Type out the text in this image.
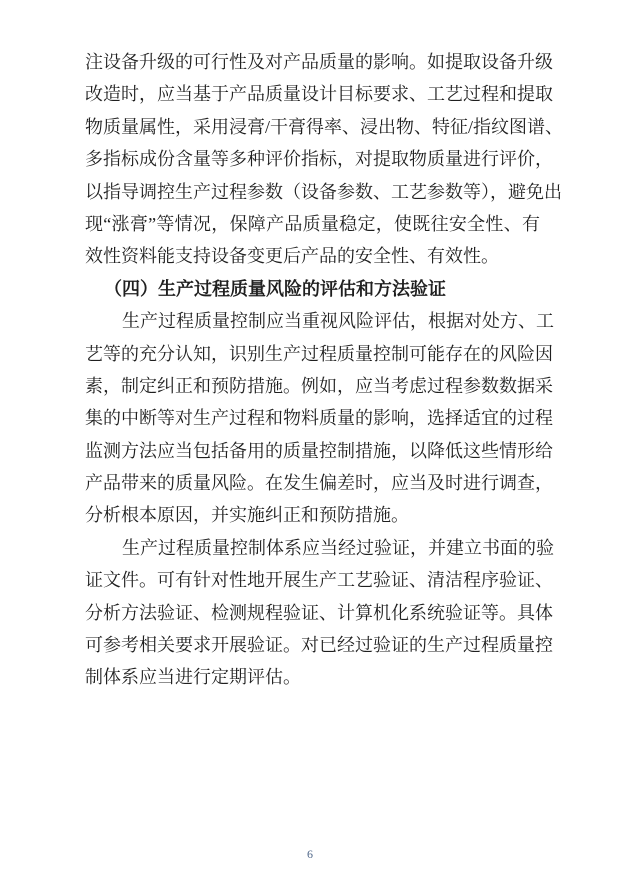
注设备升级的可行性及对产品质量的影响。如提取设备升级
改造时，应当基于产品质量设计目标要求、工艺过程和提取
物质量属性，采用浸膏/干膏得率、浸出物、特征/指纹图谱、
多指标成份含量等多种评价指标，对提取物质量进行评价，
以指导调控生产过程参数（设备参数、工艺参数等），避免出
现“涨膏”等情况，保障产品质量稳定，使既往安全性、有
效性资料能支持设备变更后产品的安全性、有效性。
（四）生产过程质量风险的评估和方法验证
生产过程质量控制应当重视风险评估，根据对处方、工
艺等的充分认知，识别生产过程质量控制可能存在的风险因
素，制定纠正和预防措施。例如，应当考虑过程参数数据采
集的中断等对生产过程和物料质量的影响，选择适宜的过程
监测方法应当包括备用的质量控制措施，以降低这些情形给
产品带来的质量风险。在发生偏差时，应当及时进行调查，
分析根本原因，并实施纠正和预防措施。
生产过程质量控制体系应当经过验证，并建立书面的验
证文件。可有针对性地开展生产工艺验证、清洁程序验证、
分析方法验证、检测规程验证、计算机化系统验证等。具体
可参考相关要求开展验证。对已经过验证的生产过程质量控
制体系应当进行定期评估。
6
